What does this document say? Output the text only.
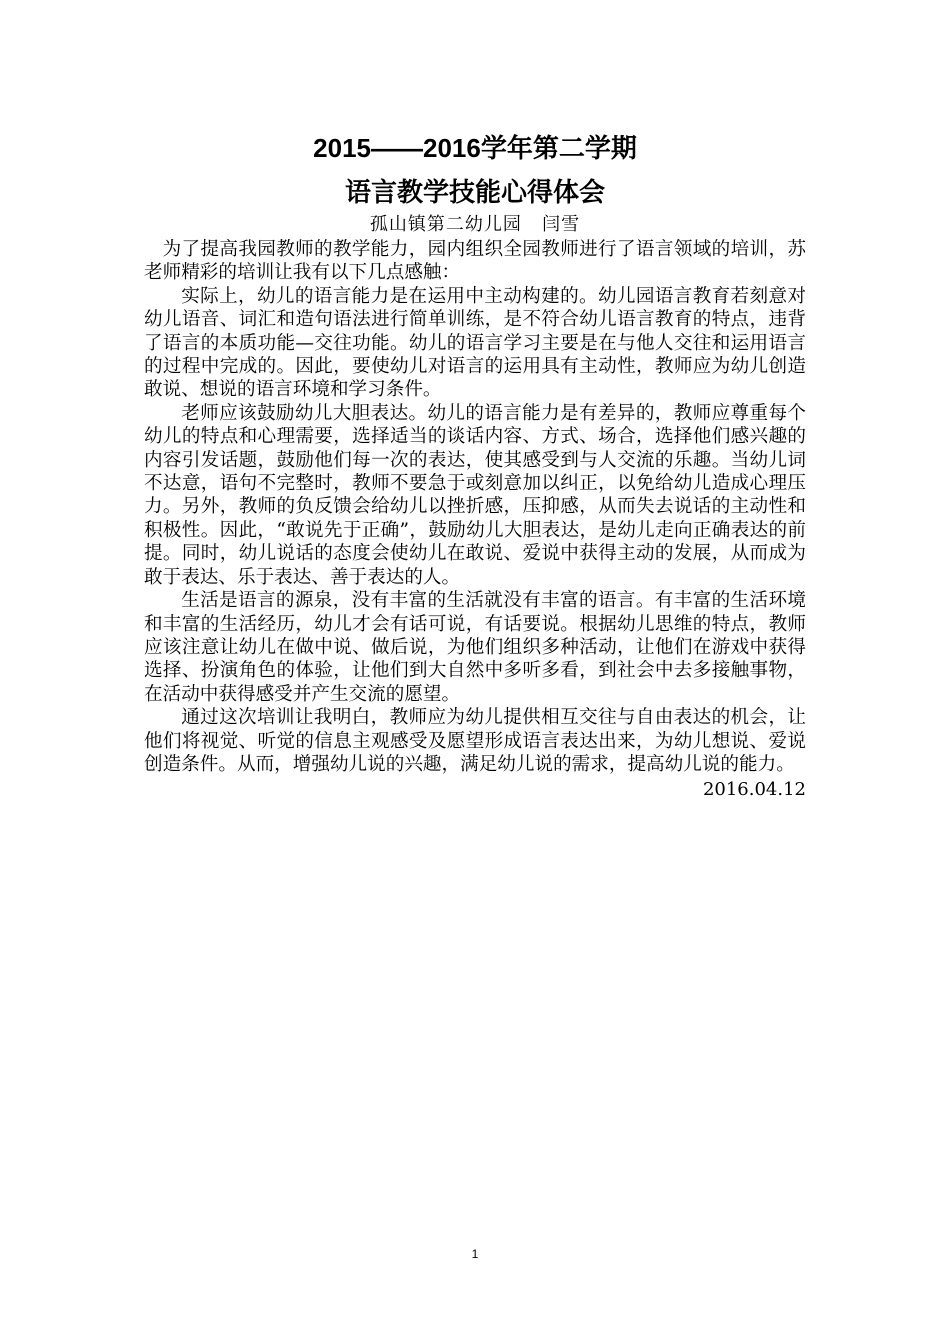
2015——2016学年第二学期
语言教学技能心得体会
孤山镇第二幼儿园   闫雪

为了提高我园教师的教学能力，园内组织全园教师进行了语言领域的培训，苏老师精彩的培训让我有以下几点感触：

实际上，幼儿的语言能力是在运用中主动构建的。幼儿园语言教育若刻意对幼儿语音、词汇和造句语法进行简单训练，是不符合幼儿语言教育的特点，违背了语言的本质功能—交往功能。幼儿的语言学习主要是在与他人交往和运用语言的过程中完成的。因此，要使幼儿对语言的运用具有主动性，教师应为幼儿创造敢说、想说的语言环境和学习条件。

老师应该鼓励幼儿大胆表达。幼儿的语言能力是有差异的，教师应尊重每个幼儿的特点和心理需要，选择适当的谈话内容、方式、场合，选择他们感兴趣的内容引发话题，鼓励他们每一次的表达，使其感受到与人交流的乐趣。当幼儿词不达意，语句不完整时，教师不要急于或刻意加以纠正，以免给幼儿造成心理压力。另外，教师的负反馈会给幼儿以挫折感，压抑感，从而失去说话的主动性和积极性。因此，“敢说先于正确”，鼓励幼儿大胆表达，是幼儿走向正确表达的前提。同时，幼儿说话的态度会使幼儿在敢说、爱说中获得主动的发展，从而成为敢于表达、乐于表达、善于表达的人。

生活是语言的源泉，没有丰富的生活就没有丰富的语言。有丰富的生活环境和丰富的生活经历，幼儿才会有话可说，有话要说。根据幼儿思维的特点，教师应该注意让幼儿在做中说、做后说，为他们组织多种活动，让他们在游戏中获得选择、扮演角色的体验，让他们到大自然中多听多看，到社会中去多接触事物，在活动中获得感受并产生交流的愿望。

通过这次培训让我明白，教师应为幼儿提供相互交往与自由表达的机会，让他们将视觉、听觉的信息主观感受及愿望形成语言表达出来，为幼儿想说、爱说创造条件。从而，增强幼儿说的兴趣，满足幼儿说的需求，提高幼儿说的能力。

2016.04.12
1
